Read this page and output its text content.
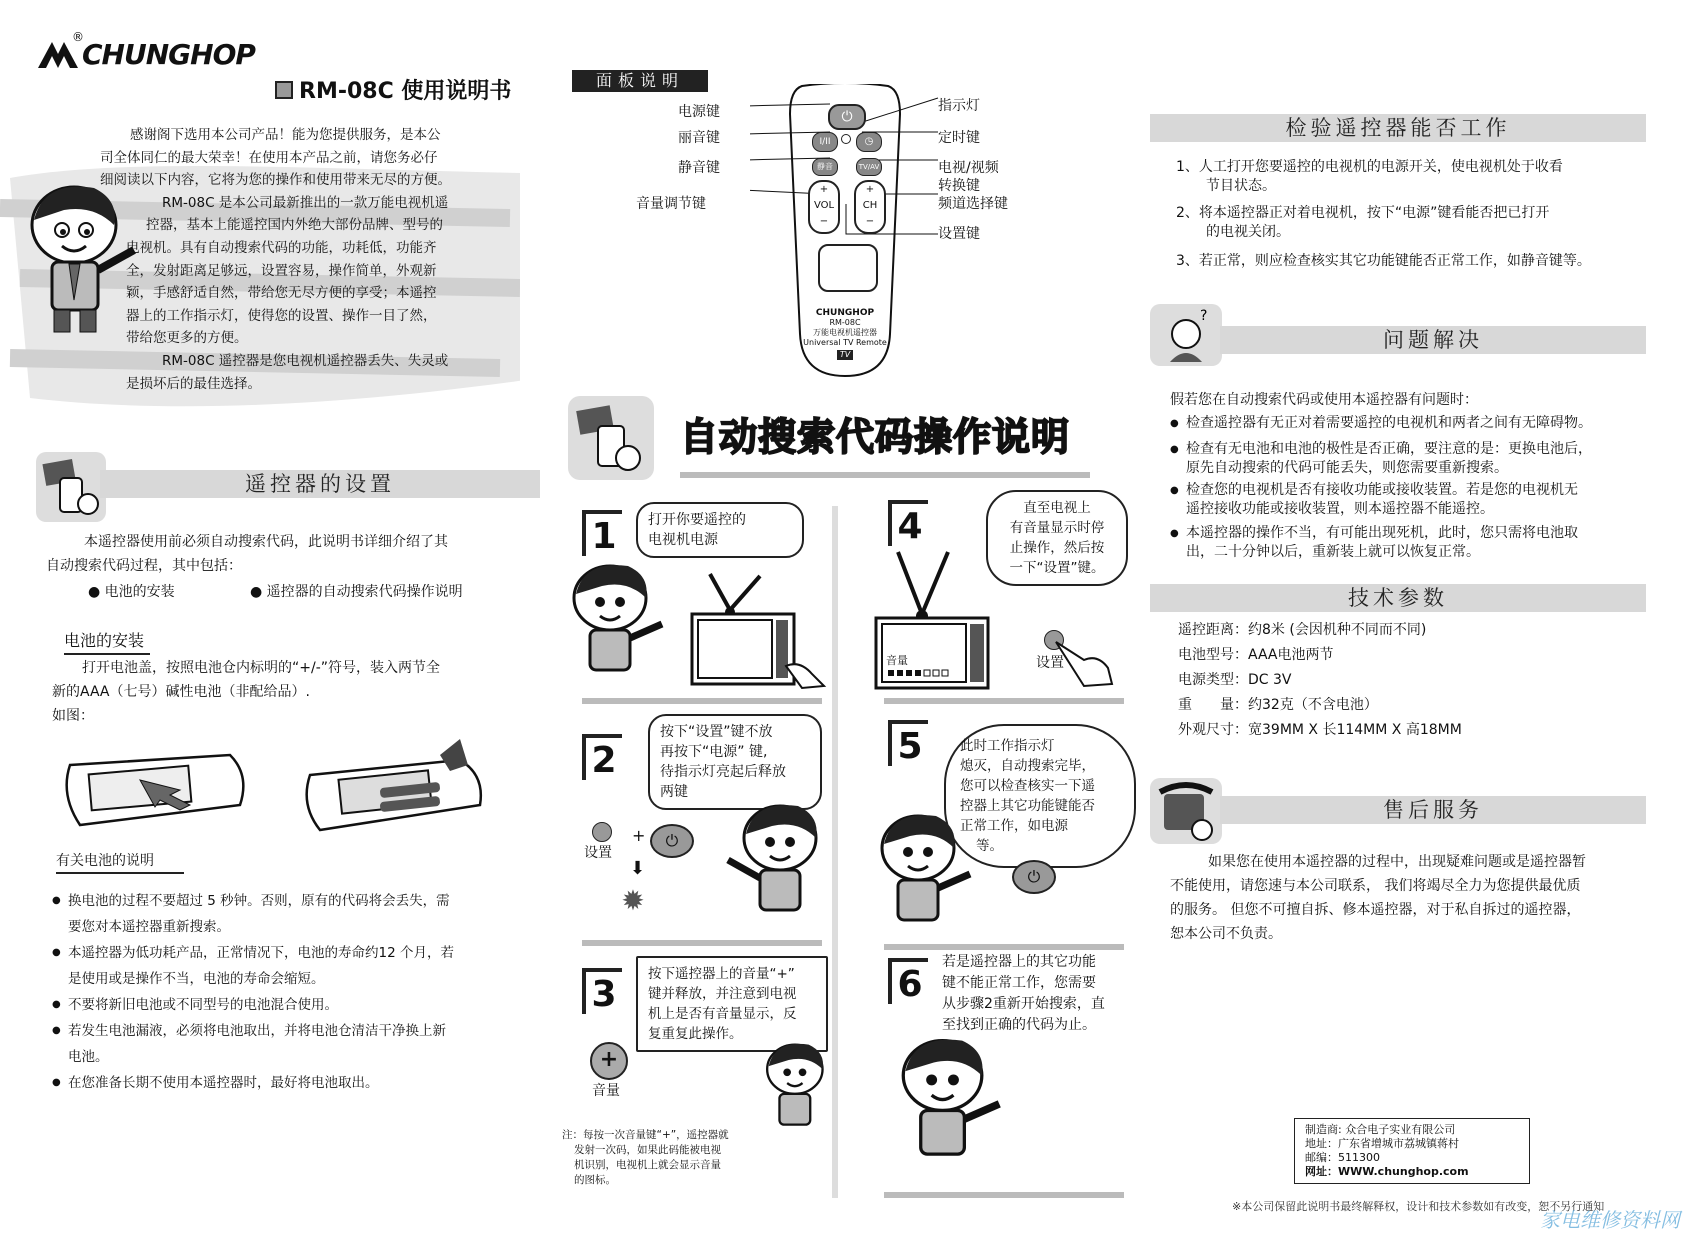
®
CHUNGHOP
RM-08C 使用说明书
感谢阁下选用本公司产品！能为您提供服务，是本公
司全体同仁的最大荣幸！在使用本产品之前，请您务必仔
细阅读以下内容，它将为您的操作和使用带来无尽的方便。
RM-08C 是本公司最新推出的一款万能电视机遥
控器，基本上能遥控国内外绝大部份品牌、型号的
电视机。具有自动搜索代码的功能，功耗低，功能齐
全，发射距离足够远，设置容易，操作简单，外观新
颖，手感舒适自然，带给您无尽方便的享受；本遥控
器上的工作指示灯，使得您的设置、操作一目了然，
带给您更多的方便。
RM-08C 遥控器是您电视机遥控器丢失、失灵或
是损坏后的最佳选择。
遥控器的设置
本遥控器使用前必须自动搜索代码，此说明书详细介绍了其
自动搜索代码过程，其中包括：
● 电池的安装	● 遥控器的自动搜索代码操作说明
电池的安装
打开电池盖，按照电池仓内标明的“+/-”符号，装入两节全
新的AAA（七号）碱性电池（非配给品）.
如图：
有关电池的说明
● 换电池的过程不要超过 5 秒钟。否则，原有的代码将会丢失，需
要您对本遥控器重新搜索。
● 本遥控器为低功耗产品，正常情况下，电池的寿命约12 个月，若
是使用或是操作不当，电池的寿命会缩短。
● 不要将新旧电池或不同型号的电池混合使用。
● 若发生电池漏液，必须将电池取出，并将电池仓清洁干净换上新
电池。
● 在您准备长期不使用本遥控器时，最好将电池取出。
面板说明
电源键
丽音键
静音键
音量调节键
指示灯
定时键
电视/视频
转换键
频道选择键
设置键
⏻
I/II	◷
静音	TV/AV
+
VOL
−
+
CH
−
CHUNGHOP
RM-08C
万能电视机遥控器
Universal TV Remote
TV
自动搜索代码操作说明
1	打开你要遥控的
电视机电源
2
按下“设置”键不放
再按下“电源” 键,
待指示灯亮起后释放
两键
设置
+	⏻
⬇
✹
3	按下遥控器上的音量“+”
键并释放，并注意到电视
机上是否有音量显示，反
复重复此操作。
+
音量
注：每按一次音量键“+”，遥控器就
发射一次码，如果此码能被电视
机识别，电视机上就会显示音量
的图标。
4	直至电视上
有音量显示时停
止操作，然后按
一下“设置”键。
音量	设置
5	此时工作指示灯
熄灭，自动搜索完毕，
您可以检查核实一下遥
控器上其它功能键能否
正常工作，如电源
等。
⏻
6
若是遥控器上的其它功能
键不能正常工作，您需要
从步骤2重新开始搜索，直
至找到正确的代码为止。
检验遥控器能否工作
1、人工打开您要遥控的电视机的电源开关，使电视机处于收看
节目状态。
2、将本遥控器正对着电视机，按下“电源”键看能否把已打开
的电视关闭。
3、若正常，则应检查核实其它功能键能否正常工作，如静音键等。
?
问题解决
假若您在自动搜索代码或使用本遥控器有问题时：
● 检查遥控器有无正对着需要遥控的电视机和两者之间有无障碍物。
● 检查有无电池和电池的极性是否正确，要注意的是：更换电池后，
原先自动搜索的代码可能丢失，则您需要重新搜索。
● 检查您的电视机是否有接收功能或接收装置。若是您的电视机无
遥控接收功能或接收装置，则本遥控器不能遥控。
● 本遥控器的操作不当，有可能出现死机，此时，您只需将电池取
出，二十分钟以后，重新装上就可以恢复正常。
技术参数
遥控距离：约8米 (会因机种不同而不同)
电池型号：AAA电池两节
电源类型：DC 3V
重　　量：约32克（不含电池）
外观尺寸：宽39MM X 长114MM X 高18MM
售后服务
如果您在使用本遥控器的过程中，出现疑难问题或是遥控器暂
不能使用，请您速与本公司联系， 我们将竭尽全力为您提供最优质
的服务。 但您不可擅自拆、修本遥控器，对于私自拆过的遥控器，
恕本公司不负责。
制造商: 众合电子实业有限公司
地址：广东省增城市荔城镇蒋村
邮编：511300
网址：WWW.chunghop.com
※本公司保留此说明书最终解释权，设计和技术参数如有改变，恕不另行通知
家电维修资料网
